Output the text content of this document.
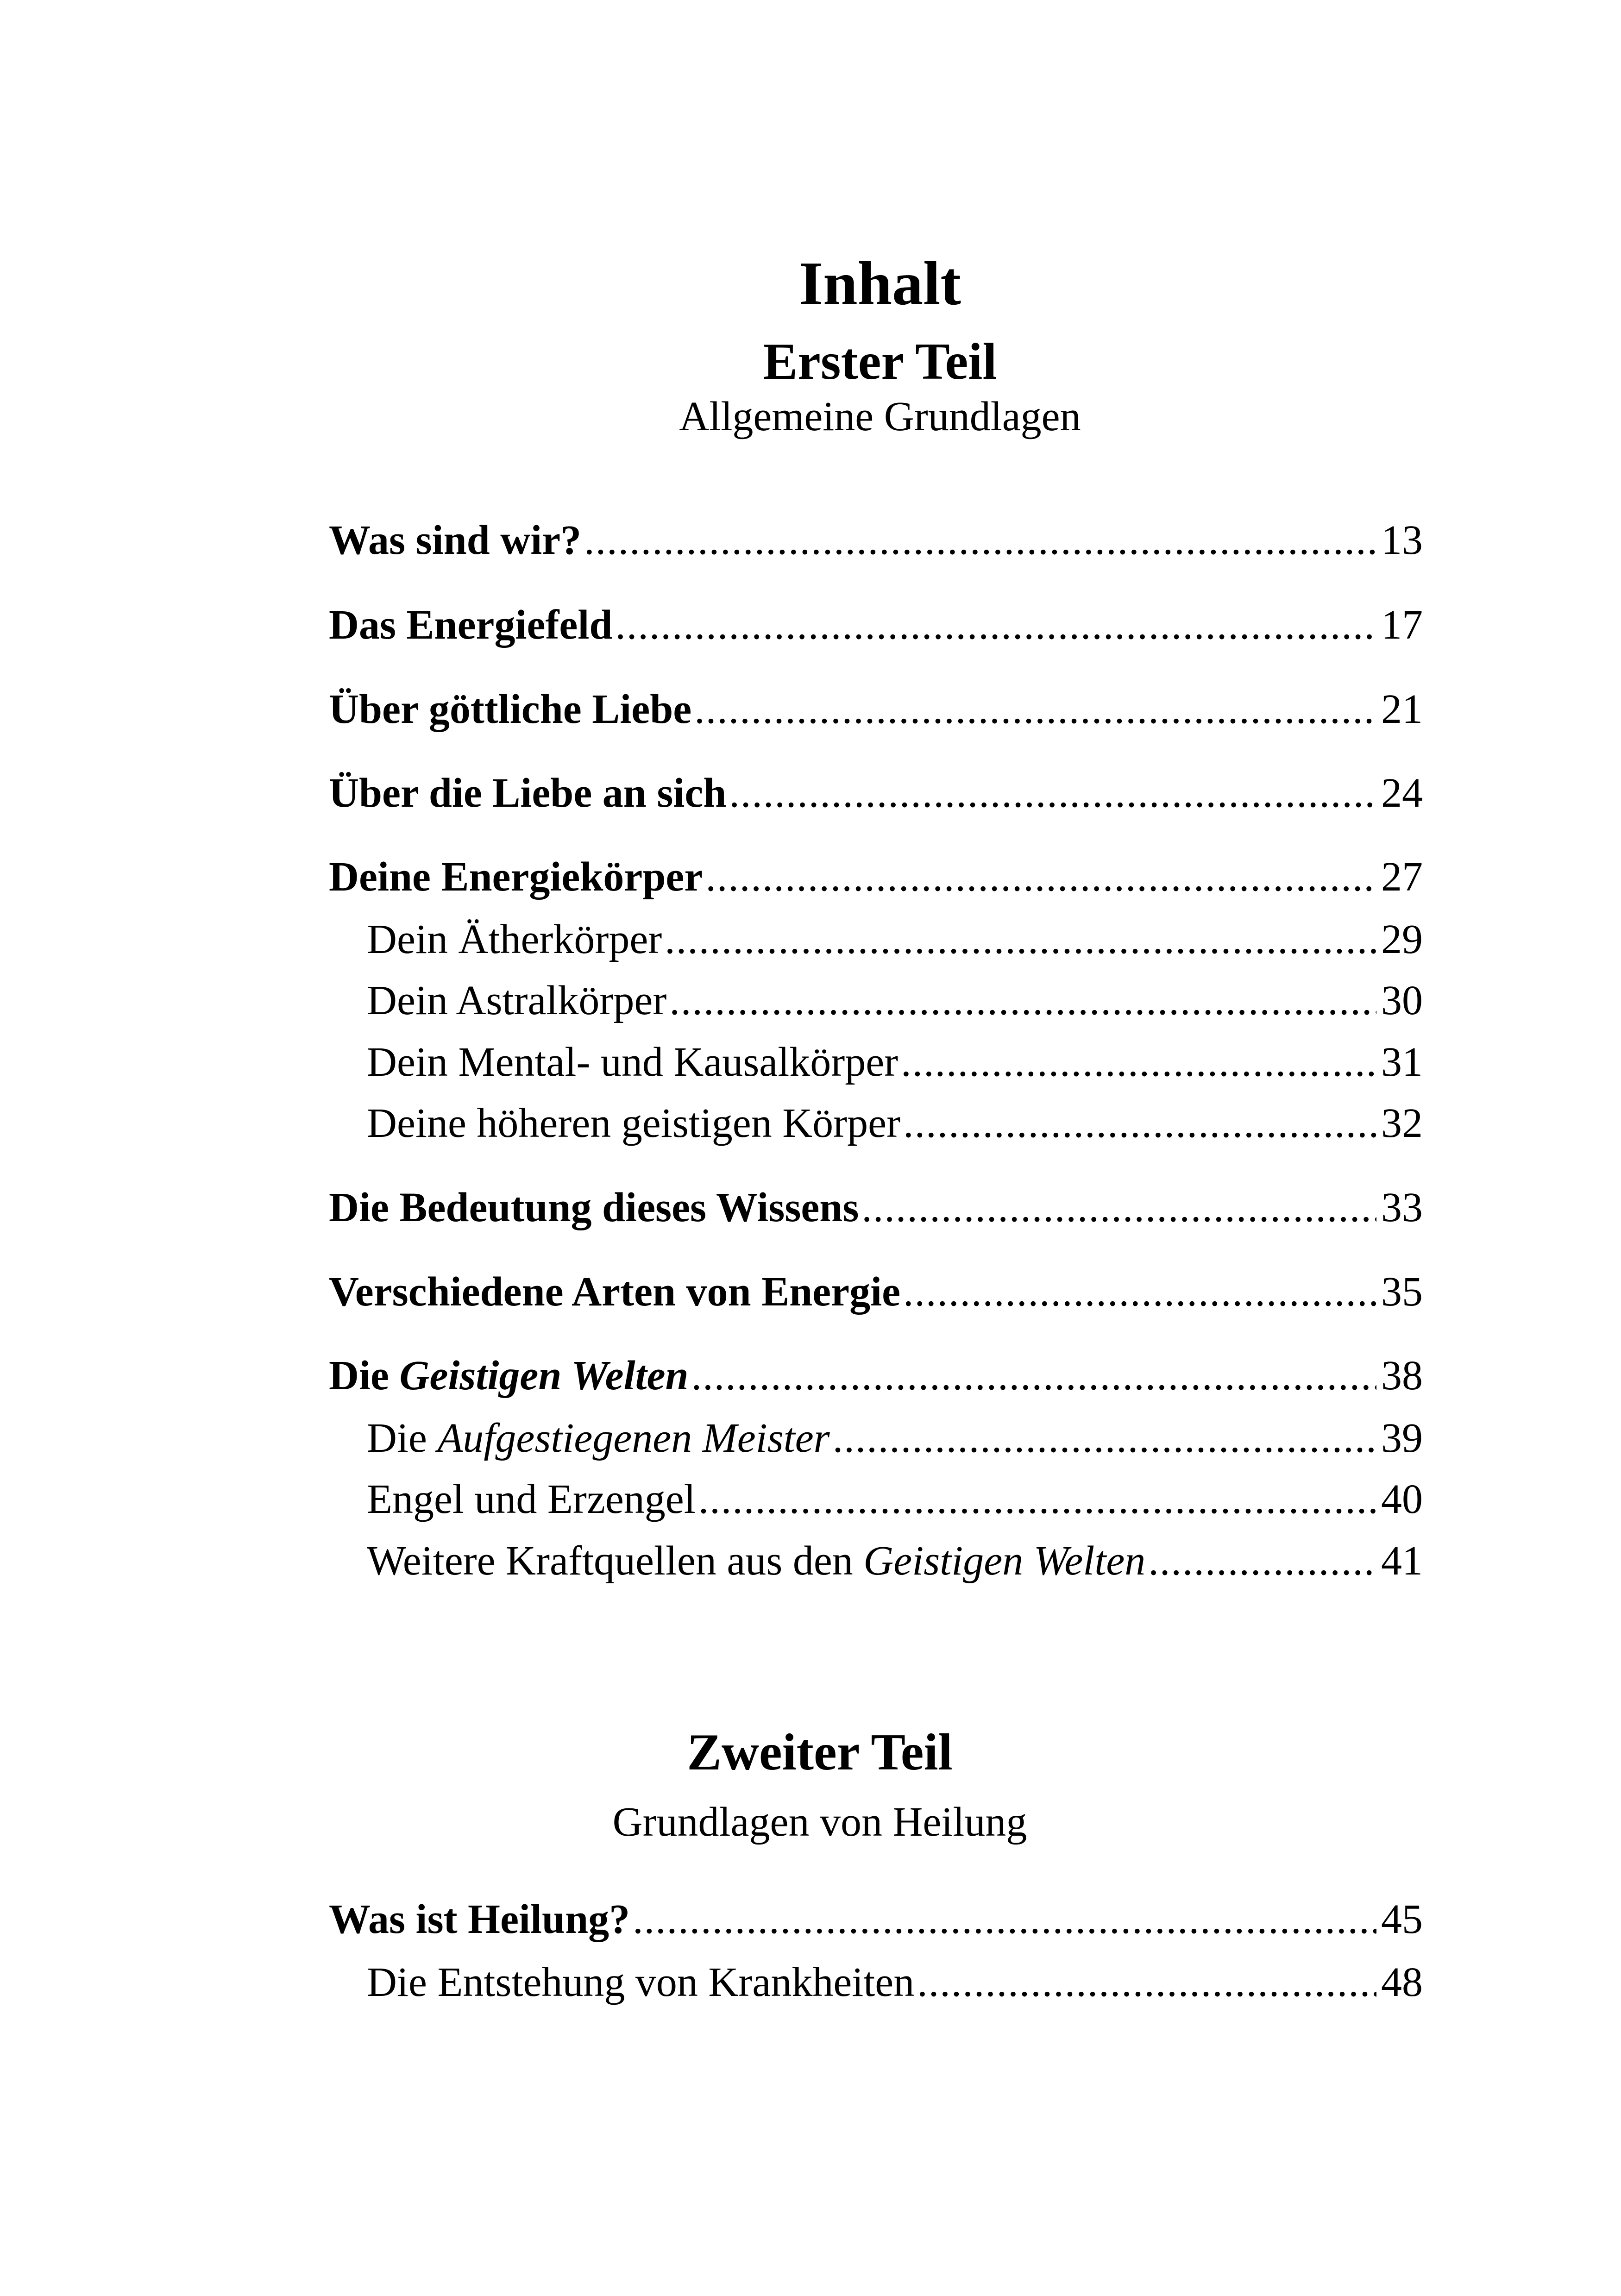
Inhalt
Erster Teil
Allgemeine Grundlagen
Was sind wir? .....	13
Das Energiefeld .....	17
Über göttliche Liebe .....	21
Über die Liebe an sich .....	24
Deine Energiekörper .....	27
Dein Ätherkörper .....	29
Dein Astralkörper .....	30
Dein Mental- und Kausalkörper .....	31
Deine höheren geistigen Körper .....	32
Die Bedeutung dieses Wissens .....	33
Verschiedene Arten von Energie .....	35
Die Geistigen Welten .....	38
Die Aufgestiegenen Meister .....	39
Engel und Erzengel .....	40
Weitere Kraftquellen aus den Geistigen Welten .....	41
Zweiter Teil
Grundlagen von Heilung
Was ist Heilung? .....	45
Die Entstehung von Krankheiten .....	48
